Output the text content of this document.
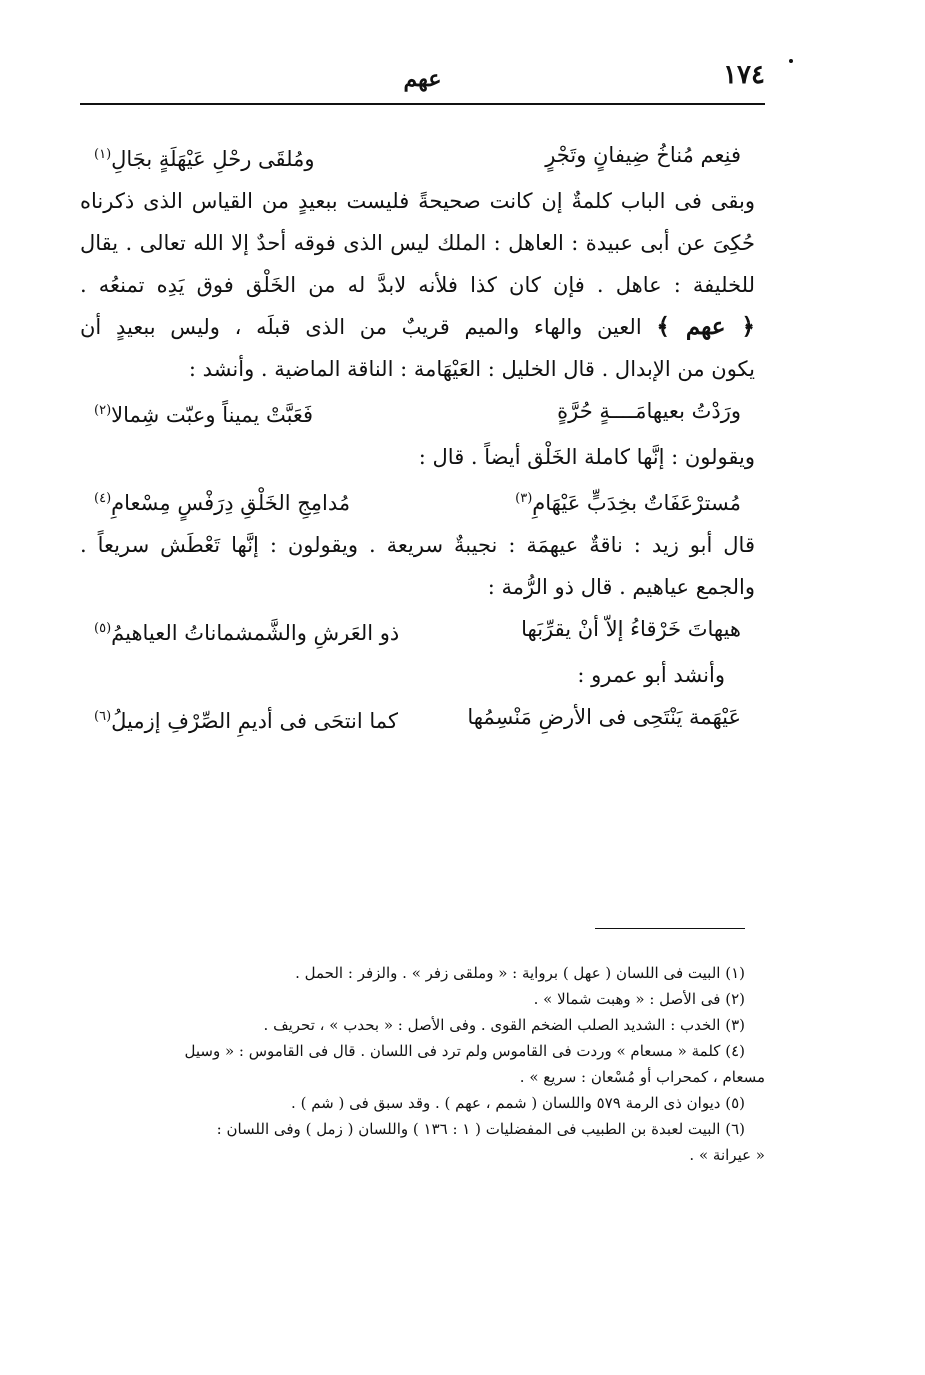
١٧٤
عهم
فنِعم مُناخُ ضِيفانٍ وتَجْرٍ
ومُلقَى رحْلِ عَيْهَلَةٍ بجَالِ(١)
وبقى فى الباب كلمةٌ إن كانت صحيحةً فليست ببعيدٍ من القياس الذى ذكرناه
حُكِىَ عن أبى عبيدة : العاهل : الملك ليس الذى فوقه أحدٌ إلا الله تعالى . يقال
للخليفة : عاهل . فإن كان كذا فلأنه لابدَّ له من الخَلْق فوق يَدِه تمنعُه .
﴿ عهم ﴾ العين والهاء والميم قريبٌ من الذى قبلَه ، وليس ببعيدٍ أن
يكون من الإبدال . قال الخليل : العَيْهَامة : الناقة الماضية . وأنشد :
ورَدْتُ بعيهامَــــةٍ حُرَّةٍ
فَعَبَّتْ يميناً وعبّت شِمالا(٢)
ويقولون : إنَّها كاملة الخَلْق أيضاً . قال :
مُسترْعَفَاتٌ بخِدَبٍّ عَيْهَامِ(٣)
مُدامِجِ الخَلْقِ دِرَفْسٍ مِسْعامِ(٤)
قال أبو زيد : ناقةٌ عيهمَة : نجيبةٌ سريعة . ويقولون : إنَّها تَعْطَش سريعاً .
والجمع عياهيم . قال ذو الرُّمة :
هيهاتَ خَرْقاءُ إلاّ أنْ يقرِّبَها
ذو العَرشِ والشَّمشماناتُ العياهيمُ(٥)
وأنشد أبو عمرو :
عَيْهَمة يَنْتَحِى فى الأرضِ مَنْسِمُها
كما انتحَى فى أديمِ الصِّرْفِ إزميلُ(٦)
(١) البيت فى اللسان ( عهل ) برواية : « وملقى زفر » . والزفر : الحمل .
(٢) فى الأصل : « وهبت شمالا » .
(٣) الخدب : الشديد الصلب الضخم القوى . وفى الأصل : « بحدب » ، تحريف .
(٤) كلمة « مسعام » وردت فى القاموس ولم ترد فى اللسان . قال فى القاموس : « وسيل
مسعام ، كمحراب أو مُسْعان : سريع » .
(٥) ديوان ذى الرمة ٥٧٩ واللسان ( شمم ، عهم ) . وقد سبق فى ( شم ) .
(٦) البيت لعبدة بن الطبيب فى المفضليات ( ١ : ١٣٦ ) واللسان ( زمل ) وفى اللسان :
« عيرانة » .
